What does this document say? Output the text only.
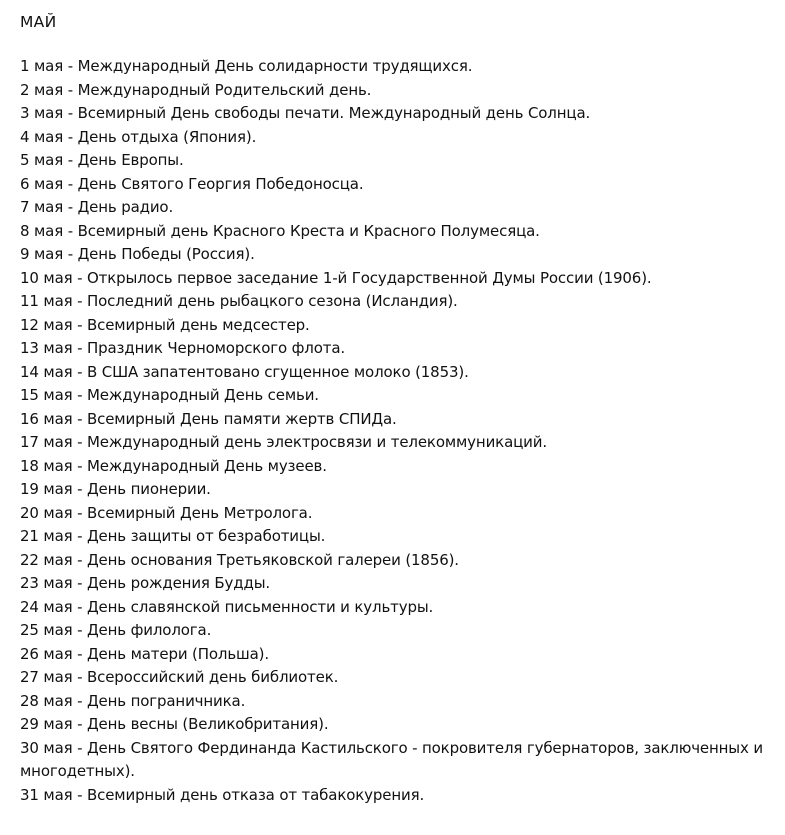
МАЙ
1 мая - Международный День солидарности трудящихся.
2 мая - Международный Родительский день.
3 мая - Всемирный День свободы печати. Международный день Солнца.
4 мая - День отдыха (Япония).
5 мая - День Европы.
6 мая - День Святого Георгия Победоносца.
7 мая - День радио.
8 мая - Всемирный день Красного Креста и Красного Полумесяца.
9 мая - День Победы (Россия).
10 мая - Открылось первое заседание 1-й Государственной Думы России (1906).
11 мая - Последний день рыбацкого сезона (Исландия).
12 мая - Всемирный день медсестер.
13 мая - Праздник Черноморского флота.
14 мая - В США запатентовано сгущенное молоко (1853).
15 мая - Международный День семьи.
16 мая - Всемирный День памяти жертв СПИДа.
17 мая - Международный день электросвязи и телекоммуникаций.
18 мая - Международный День музеев.
19 мая - День пионерии.
20 мая - Всемирный День Метролога.
21 мая - День защиты от безработицы.
22 мая - День основания Третьяковской галереи (1856).
23 мая - День рождения Будды.
24 мая - День славянской письменности и культуры.
25 мая - День филолога.
26 мая - День матери (Польша).
27 мая - Всероссийский день библиотек.
28 мая - День пограничника.
29 мая - День весны (Великобритания).
30 мая - День Святого Фердинанда Кастильского - покровителя губернаторов, заключенных и многодетных).
31 мая - Всемирный день отказа от табакокурения.
